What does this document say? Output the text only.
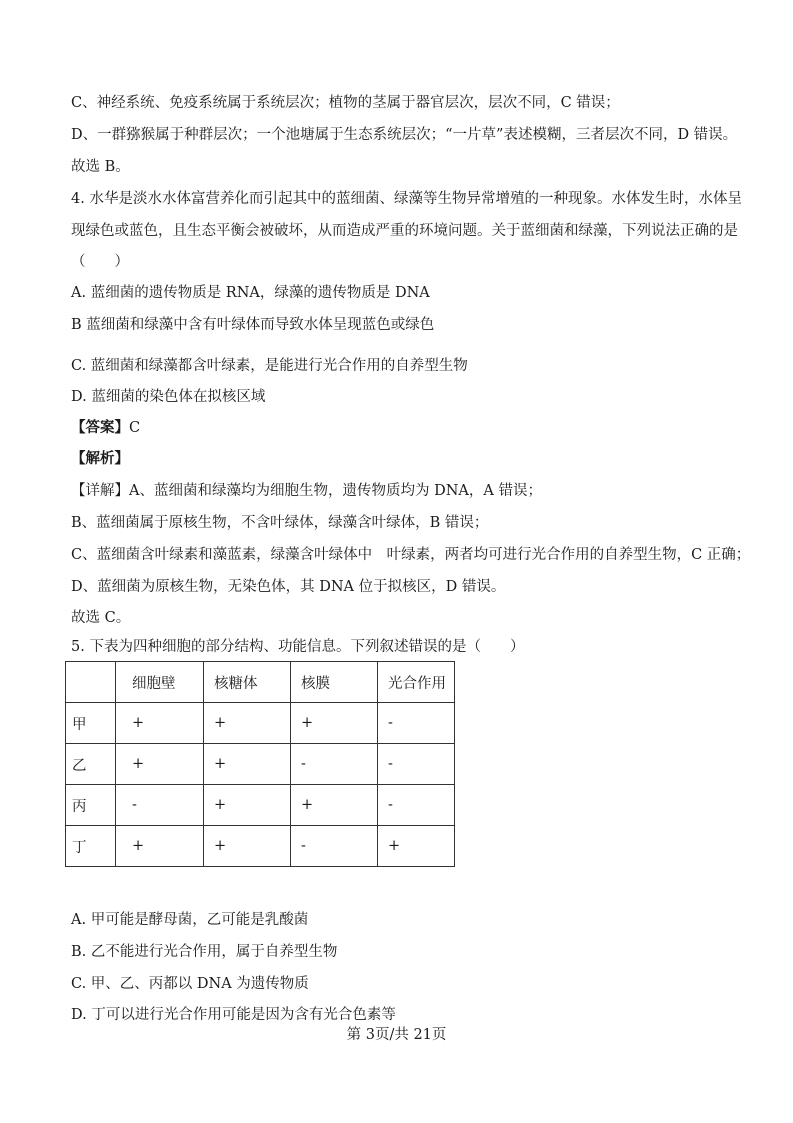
C、神经系统、免疫系统属于系统层次；植物的茎属于器官层次，层次不同，C 错误；
D、一群猕猴属于种群层次；一个池塘属于生态系统层次；“一片草”表述模糊，三者层次不同，D 错误。
故选 B。
4. 水华是淡水水体富营养化而引起其中的蓝细菌、绿藻等生物异常增殖的一种现象。水体发生时，水体呈
现绿色或蓝色，且生态平衡会被破坏，从而造成严重的环境问题。关于蓝细菌和绿藻，下列说法正确的是
（　　）
A. 蓝细菌的遗传物质是 RNA，绿藻的遗传物质是 DNA
B 蓝细菌和绿藻中含有叶绿体而导致水体呈现蓝色或绿色
C. 蓝细菌和绿藻都含叶绿素，是能进行光合作用的自养型生物
D. 蓝细菌的染色体在拟核区域
【答案】C
【解析】
【详解】A、蓝细菌和绿藻均为细胞生物，遗传物质均为 DNA，A 错误；
B、蓝细菌属于原核生物，不含叶绿体，绿藻含叶绿体，B 错误；
C、蓝细菌含叶绿素和藻蓝素，绿藻含叶绿体中　叶绿素，两者均可进行光合作用的自养型生物，C 正确；
D、蓝细菌为原核生物，无染色体，其 DNA 位于拟核区，D 错误。
故选 C。
5. 下表为四种细胞的部分结构、功能信息。下列叙述错误的是（　　）
	细胞壁	核糖体	核膜	光合作用
甲	+	+	+	-
乙	+	+	-	-
丙	-	+	+	-
丁	+	+	-	+
A. 甲可能是酵母菌，乙可能是乳酸菌
B. 乙不能进行光合作用，属于自养型生物
C. 甲、乙、丙都以 DNA 为遗传物质
D. 丁可以进行光合作用可能是因为含有光合色素等
第 3页/共 21页
